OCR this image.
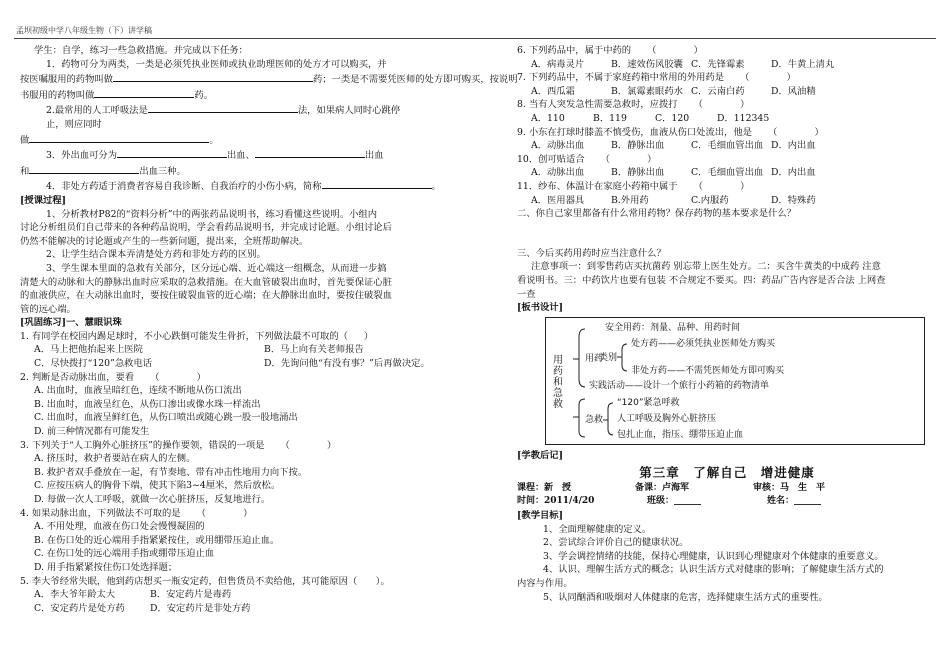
孟坝初级中学八年级生物（下）讲学稿
学生：自学，练习一些急救措施。并完成以下任务：
1．药物可分为两类，一类是必须凭执业医师或执业助理医师的处方才可以购买，并
按医嘱服用的药物叫做	药；一类是不需要凭医师的处方即可购买，按说明
书服用的药物叫做	药。
2.最常用的人工呼吸法是	法，如果病人同时心跳停
止，则应同时
做	。
3．外出血可分为	出血、	出血
和	出血三种。
4．非处方药适于消费者容易自我诊断、自我治疗的小伤小病，简称	。
[授课过程]
1、分析教材P82的“资料分析”中的两张药品说明书，练习看懂这些说明。小组内
讨论分析组员们自己带来的各种药品说明，学会看药品说明书，并完成讨论题。小组讨论后
仍然不能解决的讨论题或产生的一些新问题，提出来，全班帮助解决。
2、让学生结合课本弄清楚处方药和非处方药的区别。
3、学生课本里面的急救有关部分，区分远心端、近心端这一组概念，从而进一步搞
清楚大的动脉和大的静脉出血时应采取的急救措施。在大血管破裂出血时，首先要保证心脏
的血液供应，在大动脉出血时，要按住破裂血管的近心端；在大静脉出血时，要按住破裂血
管的远心端。
[巩固练习]一、慧眼识珠
1. 有同学在校园内踢足球时，不小心跌倒可能发生骨折，下列做法最不可取的（ ）
A．马上把他抬起来上医院	B．马上向有关老师报告
C．尽快拨打“120”急救电话	D．先询问他“有没有事？”后再做决定。
2. 判断是否动脉出血，要看 （　　　　）
A. 出血时，血液呈暗红色，连续不断地从伤口流出
B. 出血时，血液呈红色，从伤口渗出或像水珠一样流出
C. 出血时，血液呈鲜红色，从伤口喷出或随心跳一股一股地涌出
D. 前三种情况都有可能发生
3. 下列关于“人工胸外心脏挤压”的操作要领，错误的一项是 （　　　　）
A. 挤压时，救护者要站在病人的左侧。
B. 救护者双手叠放在一起，有节奏地、带有冲击性地用力向下按。
C. 应按压病人的胸骨下端，使其下陷3~4厘米，然后放松。
D. 每做一次人工呼吸，就做一次心脏挤压，反复地进行。
4. 如果动脉出血，下列做法不可取的是 （　　　　）
A. 不用处理，血液在伤口处会慢慢凝固的
B. 在伤口处的近心端用手指紧紧按住，或用绷带压迫止血。
C. 在伤口处的远心端用手指或绷带压迫止血
D. 用手指紧紧按住伤口处选择题；
5. 李大爷经常失眠，他到药店想买一瓶安定药，但售货员不卖给他，其可能原因（　　）。
A．李大爷年龄太大	B．安定药片是毒药
C．安定药片是处方药	D．安定药片是非处方药
6. 下列药品中，属于中药的 （　　　　）
A．病毒灵片	B．速效伤风胶囊 C．先锋霉素	D．牛黄上清丸
7. 下列药品中，不属于家庭药箱中常用的外用药是 （　　　　）
A．西瓜霜	B．氯霉素眼药水 C．云南白药	D．风油精
8. 当有人突发急性需要急救时，应拨打 （　　　　）
A．110	B．119	C．120	D．112345
9. 小东在打球时膝盖不慎受伤，血液从伤口处流出，他是 （　　　　）
A．动脉出血	B．静脉出血	C．毛细血管出血 D．内出血
10．创可贴适合 （　　　　）
A．动脉出血	B．静脉出血	C．毛细血管出血 D．内出血
11．纱布、体温计在家庭小药箱中属于 （　　　　）
A．医用器具	B.外用药	C.内服药	D．特殊药
二、你自己家里都备有什么常用药物？保存药物的基本要求是什么？
三、今后买药用药时应当注意什么？
注意事项一：到零售药店买抗菌药 别忘带上医生处方。二：买含牛黄类的中成药 注意
看说明书。三：中药饮片也要有包装 不合规定不要买。四：药品广告内容是否合法 上网查
一查
[板书设计]
用药和急救
用药
安全用药：剂量、品种、用药时间
类别
处方药——必须凭执业医师处方购买
非处方药——不需凭医师处方即可购买
实践活动——设计一个旅行小药箱的药物清单
急救
“120”紧急呼救
人工呼吸及胸外心脏挤压
包扎止血，指压、绷带压迫止血
[学教后记]
第三章　了解自己　增进健康
课程：新　授	备课：卢海军	审核：马　生　平
时间：2011/4/20	班级：______	姓名：______
[教学目标]
1、全面理解健康的定义。
2、尝试综合评价自己的健康状况。
3、学会调控情绪的技能，保持心理健康，认识到心理健康对个体健康的重要意义。
4、认识、理解生活方式的概念；认识生活方式对健康的影响；了解健康生活方式的
内容与作用。
5、认同酗酒和吸烟对人体健康的危害，选择健康生活方式的重要性。
